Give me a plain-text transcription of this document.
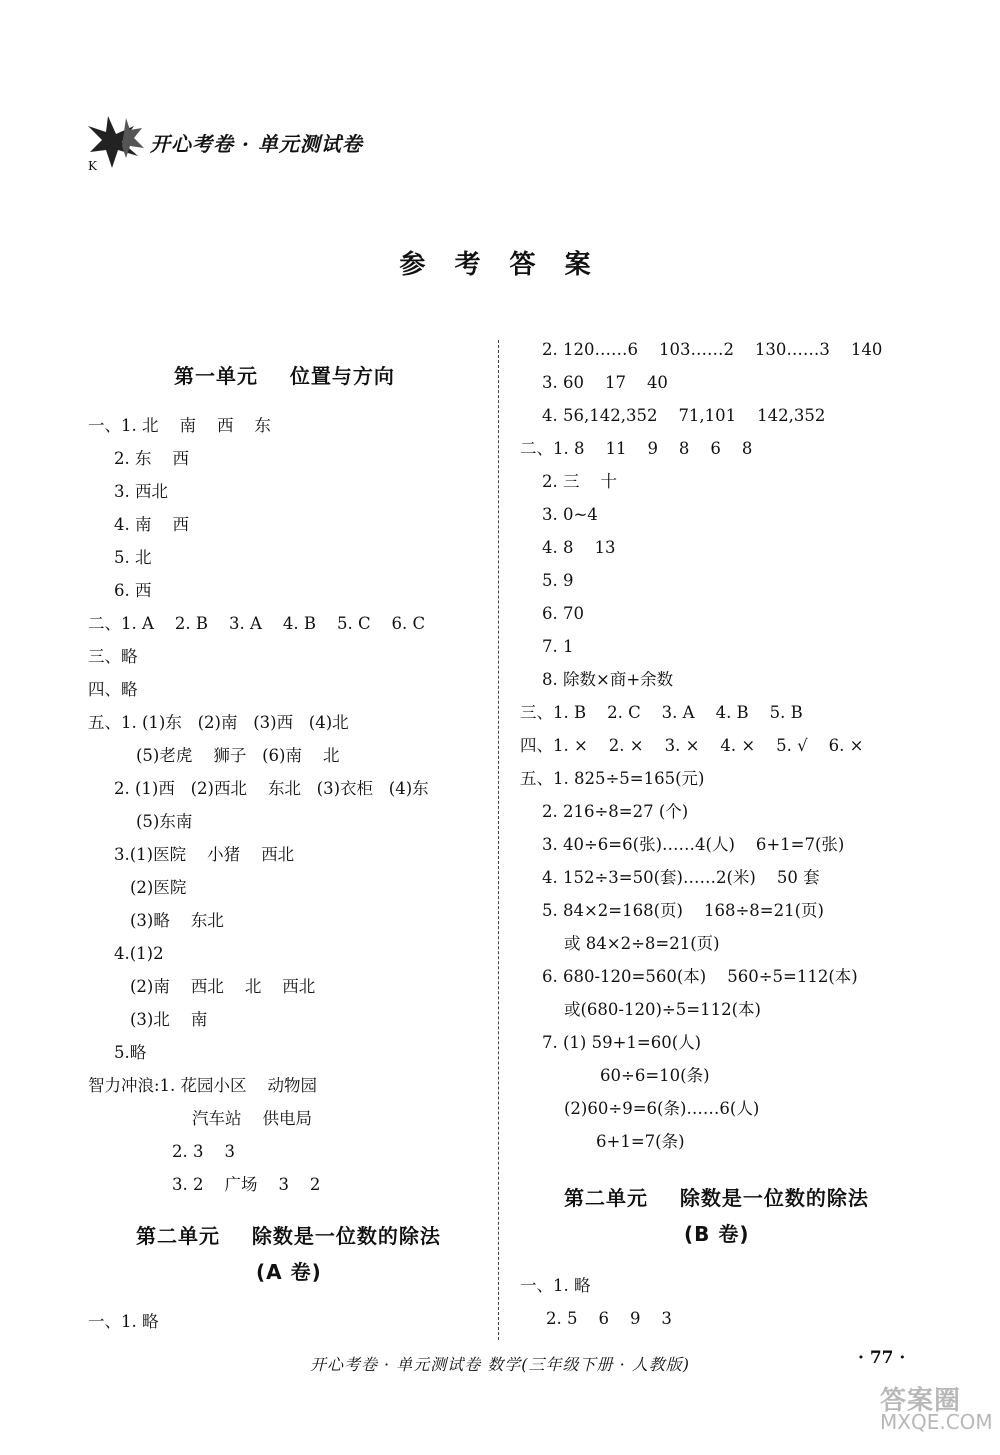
K
开心考卷 · 单元测试卷
参 考 答 案
第一单元    位置与方向
一、1. 北    南    西    东
2. 东    西
3. 西北
4. 南    西
5. 北
6. 西
二、1. A    2. B    3. A    4. B    5. C    6. C
三、略
四、略
五、1. (1)东   (2)南   (3)西   (4)北
(5)老虎    狮子   (6)南    北
2. (1)西   (2)西北    东北   (3)衣柜   (4)东
(5)东南
3.(1)医院    小猪    西北
(2)医院
(3)略    东北
4.(1)2
(2)南    西北    北    西北
(3)北    南
5.略
智力冲浪:1. 花园小区    动物园
汽车站    供电局
2. 3    3
3. 2    广场    3    2
第二单元    除数是一位数的除法
(A 卷)
一、1. 略
2. 120……6    103……2    130……3    140
3. 60    17    40
4. 56,142,352    71,101    142,352
二、1. 8    11    9    8    6    8
2. 三    十
3. 0~4
4. 8    13
5. 9
6. 70
7. 1
8. 除数×商+余数
三、1. B    2. C    3. A    4. B    5. B
四、1. ×    2. ×    3. ×    4. ×    5. √    6. ×
五、1. 825÷5=165(元)
2. 216÷8=27 (个)
3. 40÷6=6(张)……4(人)    6+1=7(张)
4. 152÷3=50(套)……2(米)    50 套
5. 84×2=168(页)    168÷8=21(页)
或 84×2÷8=21(页)
6. 680-120=560(本)    560÷5=112(本)
或(680-120)÷5=112(本)
7. (1) 59+1=60(人)
60÷6=10(条)
(2)60÷9=6(条)……6(人)
6+1=7(条)
第二单元    除数是一位数的除法
(B 卷)
一、1. 略
2. 5    6    9    3
开心考卷 · 单元测试卷 数学(三年级下册 · 人教版)	· 77 ·
答案圈
MXQE.COM
